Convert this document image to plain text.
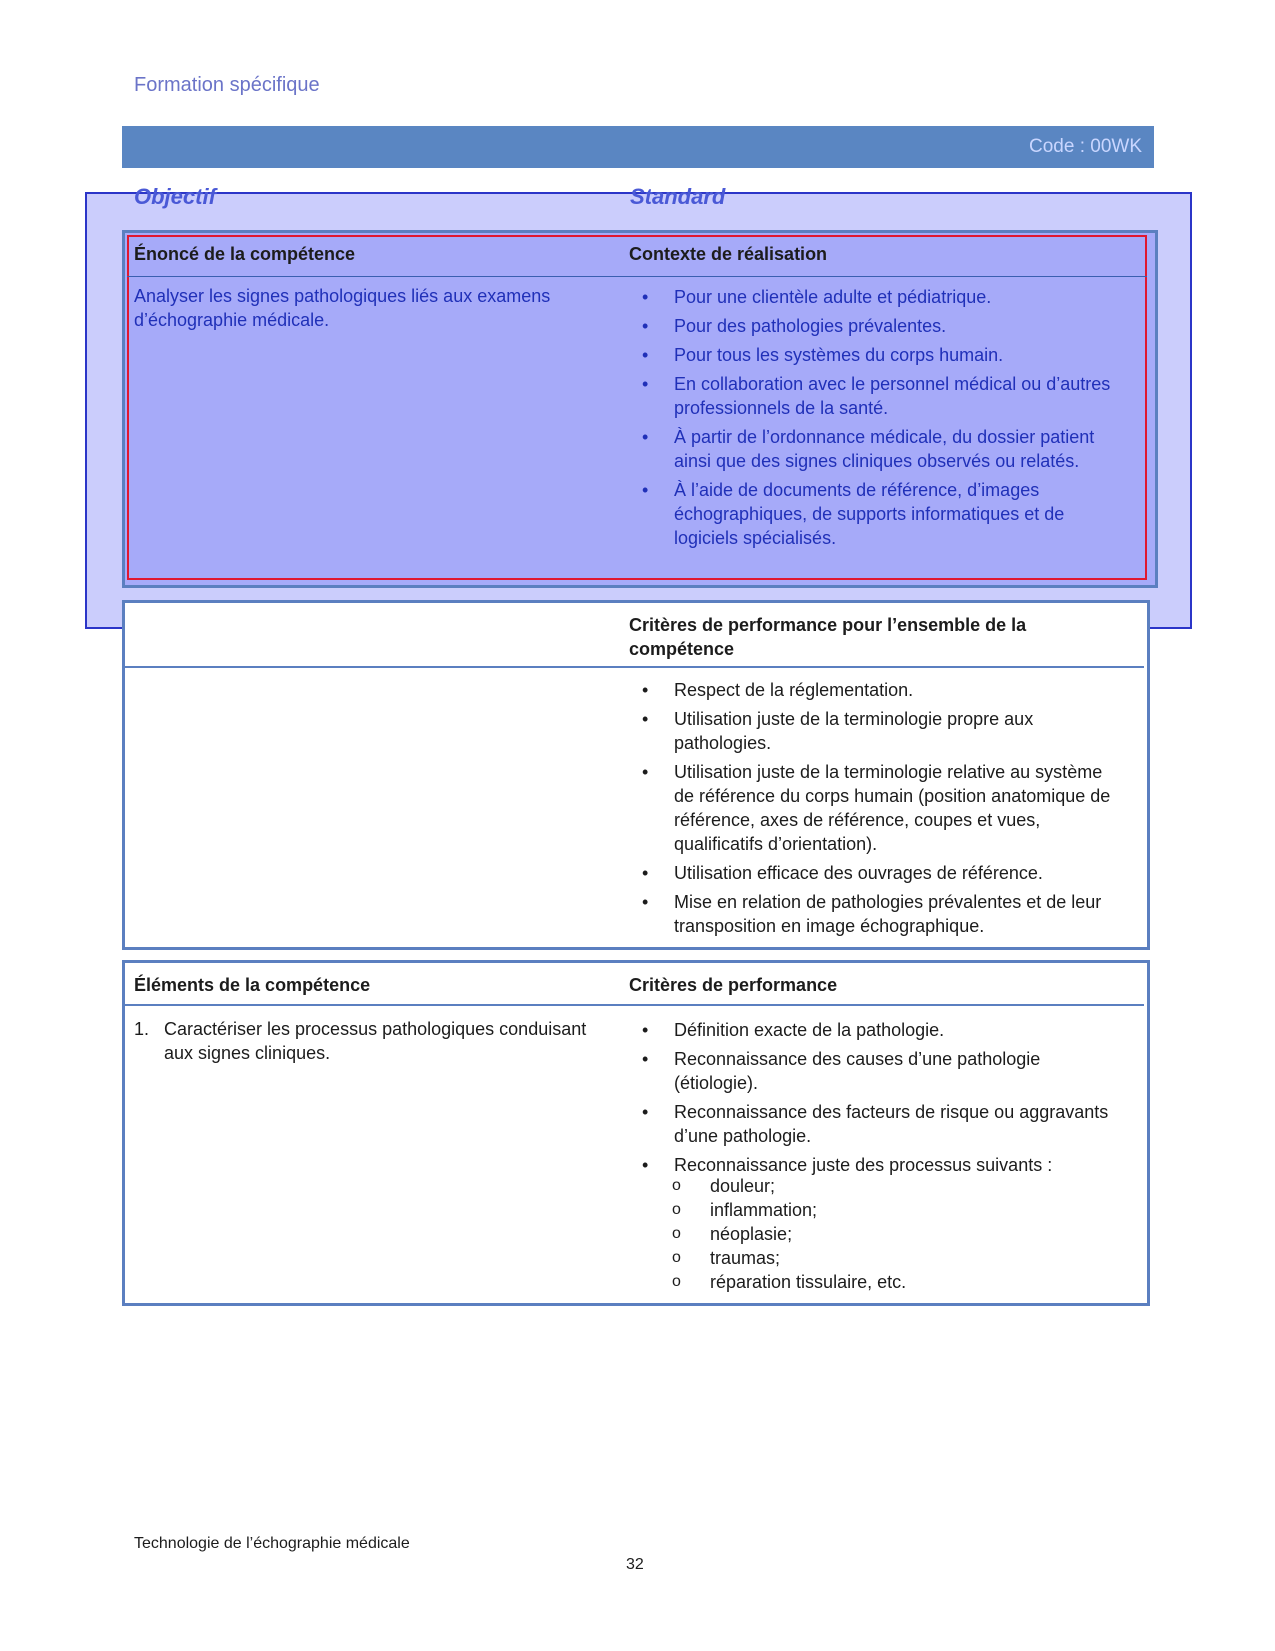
Formation spécifique
Code : 00WK
Objectif	Standard
Énoncé de la compétence	Contexte de réalisation
Analyser les signes pathologiques liés aux examens d’échographie médicale.
• Pour une clientèle adulte et pédiatrique.
• Pour des pathologies prévalentes.
• Pour tous les systèmes du corps humain.
• En collaboration avec le personnel médical ou d’autres professionnels de la santé.
• À partir de l’ordonnance médicale, du dossier patient ainsi que des signes cliniques observés ou relatés.
• À l’aide de documents de référence, d’images échographiques, de supports informatiques et de logiciels spécialisés.
Critères de performance pour l’ensemble de la compétence
• Respect de la réglementation.
• Utilisation juste de la terminologie propre aux pathologies.
• Utilisation juste de la terminologie relative au système de référence du corps humain (position anatomique de référence, axes de référence, coupes et vues, qualificatifs d’orientation).
• Utilisation efficace des ouvrages de référence.
• Mise en relation de pathologies prévalentes et de leur transposition en image échographique.
Éléments de la compétence	Critères de performance
1. Caractériser les processus pathologiques conduisant aux signes cliniques.
• Définition exacte de la pathologie.
• Reconnaissance des causes d’une pathologie (étiologie).
• Reconnaissance des facteurs de risque ou aggravants d’une pathologie.
• Reconnaissance juste des processus suivants :
o douleur;
o inflammation;
o néoplasie;
o traumas;
o réparation tissulaire, etc.
Technologie de l’échographie médicale
32
